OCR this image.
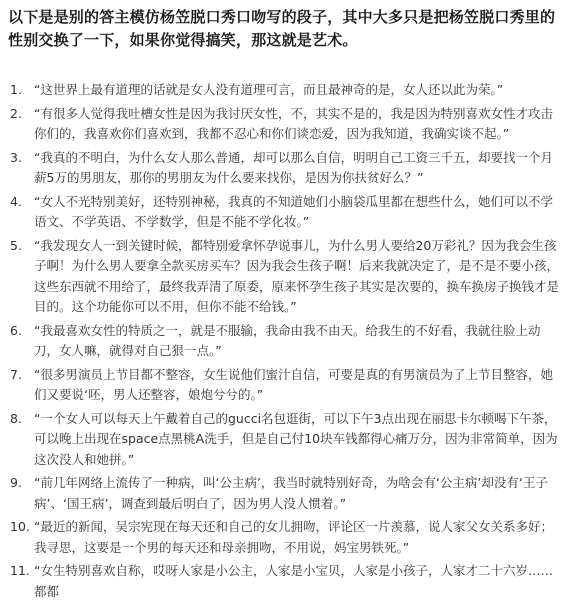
以下是是别的答主模仿杨笠脱口秀口吻写的段子，其中大多只是把杨笠脱口秀里的性别交换了一下，如果你觉得搞笑，那这就是艺术。
1. “这世界上最有道理的话就是女人没有道理可言，而且最神奇的是，女人还以此为荣。”
2. “有很多人觉得我吐槽女性是因为我讨厌女性，不，其实不是的，我是因为特别喜欢女性才攻击你们的，我喜欢你们喜欢到，我都不忍心和你们谈恋爱，因为我知道，我确实谈不起。”
3. “我真的不明白，为什么女人那么普通，却可以那么自信，明明自己工资三千五，却要找一个月薪5万的男朋友，那你的男朋友为什么要来找你，是因为你扶贫好么？”
4. “女人不光特别美好，还特别神秘，我真的不知道她们小脑袋瓜里都在想些什么，她们可以不学语文、不学英语、不学数学，但是不能不学化妆。”
5. “我发现女人一到关键时候，都特别爱拿怀孕说事儿，为什么男人要给20万彩礼？因为我会生孩子啊！为什么男人要拿全款买房买车？因为我会生孩子啊！后来我就决定了，是不是不要小孩，这些东西就不用给了，最终我弄清了原委，原来怀孕生孩子其实是次要的，换车换房子换钱才是目的。这个功能你可以不用，但你不能不给钱。”
6. “我最喜欢女性的特质之一，就是不服输，我命由我不由天。给我生的不好看，我就往脸上动刀，女人嘛，就得对自己狠一点。”
7. “很多男演员上节目都不整容，女生说他们蜜汁自信，可要是真的有男演员为了上节目整容，她们又要说‘呸，男人还整容，娘炮兮兮的。”
8. “一个女人可以每天上午戴着自己的gucci名包逛街，可以下午3点出现在丽思卡尔顿喝下午茶，可以晚上出现在space点黑桃A洗手，但是自己付10块车钱都得心痛万分，因为非常简单，因为这次没人和她拼。”
9. “前几年网络上流传了一种病，叫‘公主病’，我当时就特别好奇，为啥会有‘公主病’却没有‘王子病’、‘国王病’，调查到最后明白了，因为男人没人惯着。”
10. “最近的新闻，吴宗宪现在每天还和自己的女儿拥吻，评论区一片羡慕，说人家父女关系多好；我寻思，这要是一个男的每天还和母亲拥吻，不用说，妈宝男铁死。”
11. “女生特别喜欢自称，哎呀人家是小公主，人家是小宝贝，人家是小孩子，人家才二十六岁……都都
